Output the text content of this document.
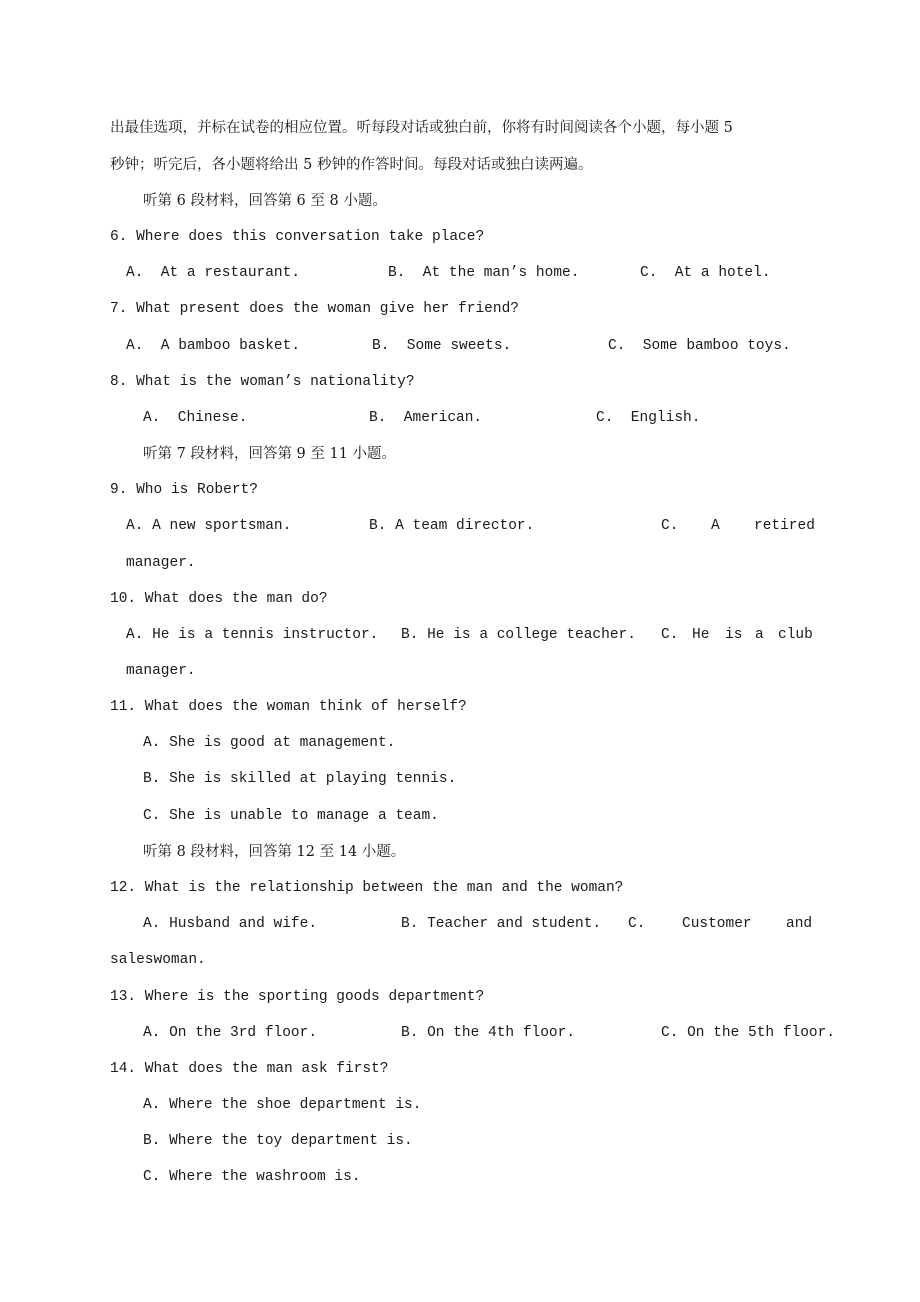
出最佳选项，并标在试卷的相应位置。听每段对话或独白前，你将有时间阅读各个小题，每小题 5
秒钟；听完后，各小题将给出 5 秒钟的作答时间。每段对话或独白读两遍。
听第 6 段材料，回答第 6 至 8 小题。
6. Where does this conversation take place?
A.  At a restaurant.	B.  At the man’s home.	C.  At a hotel.
7. What present does the woman give her friend?
A.  A bamboo basket.	B.  Some sweets.	C.  Some bamboo toys.
8. What is the woman’s nationality?
A.  Chinese.	B.  American.	C.  English.
听第 7 段材料，回答第 9 至 11 小题。
9. Who is Robert?
A. A new sportsman.	B. A team director.	C. A retired
manager.
10. What does the man do?
A. He is a tennis instructor. B. He is a college teacher. C. He is a club
manager.
11. What does the woman think of herself?
A. She is good at management.
B. She is skilled at playing tennis.
C. She is unable to manage a team.
听第 8 段材料，回答第 12 至 14 小题。
12. What is the relationship between the man and the woman?
A. Husband and wife.	B. Teacher and student. C.	Customer and
saleswoman.
13. Where is the sporting goods department?
A. On the 3rd floor.	B. On the 4th floor.	C. On the 5th floor.
14. What does the man ask first?
A. Where the shoe department is.
B. Where the toy department is.
C. Where the washroom is.
